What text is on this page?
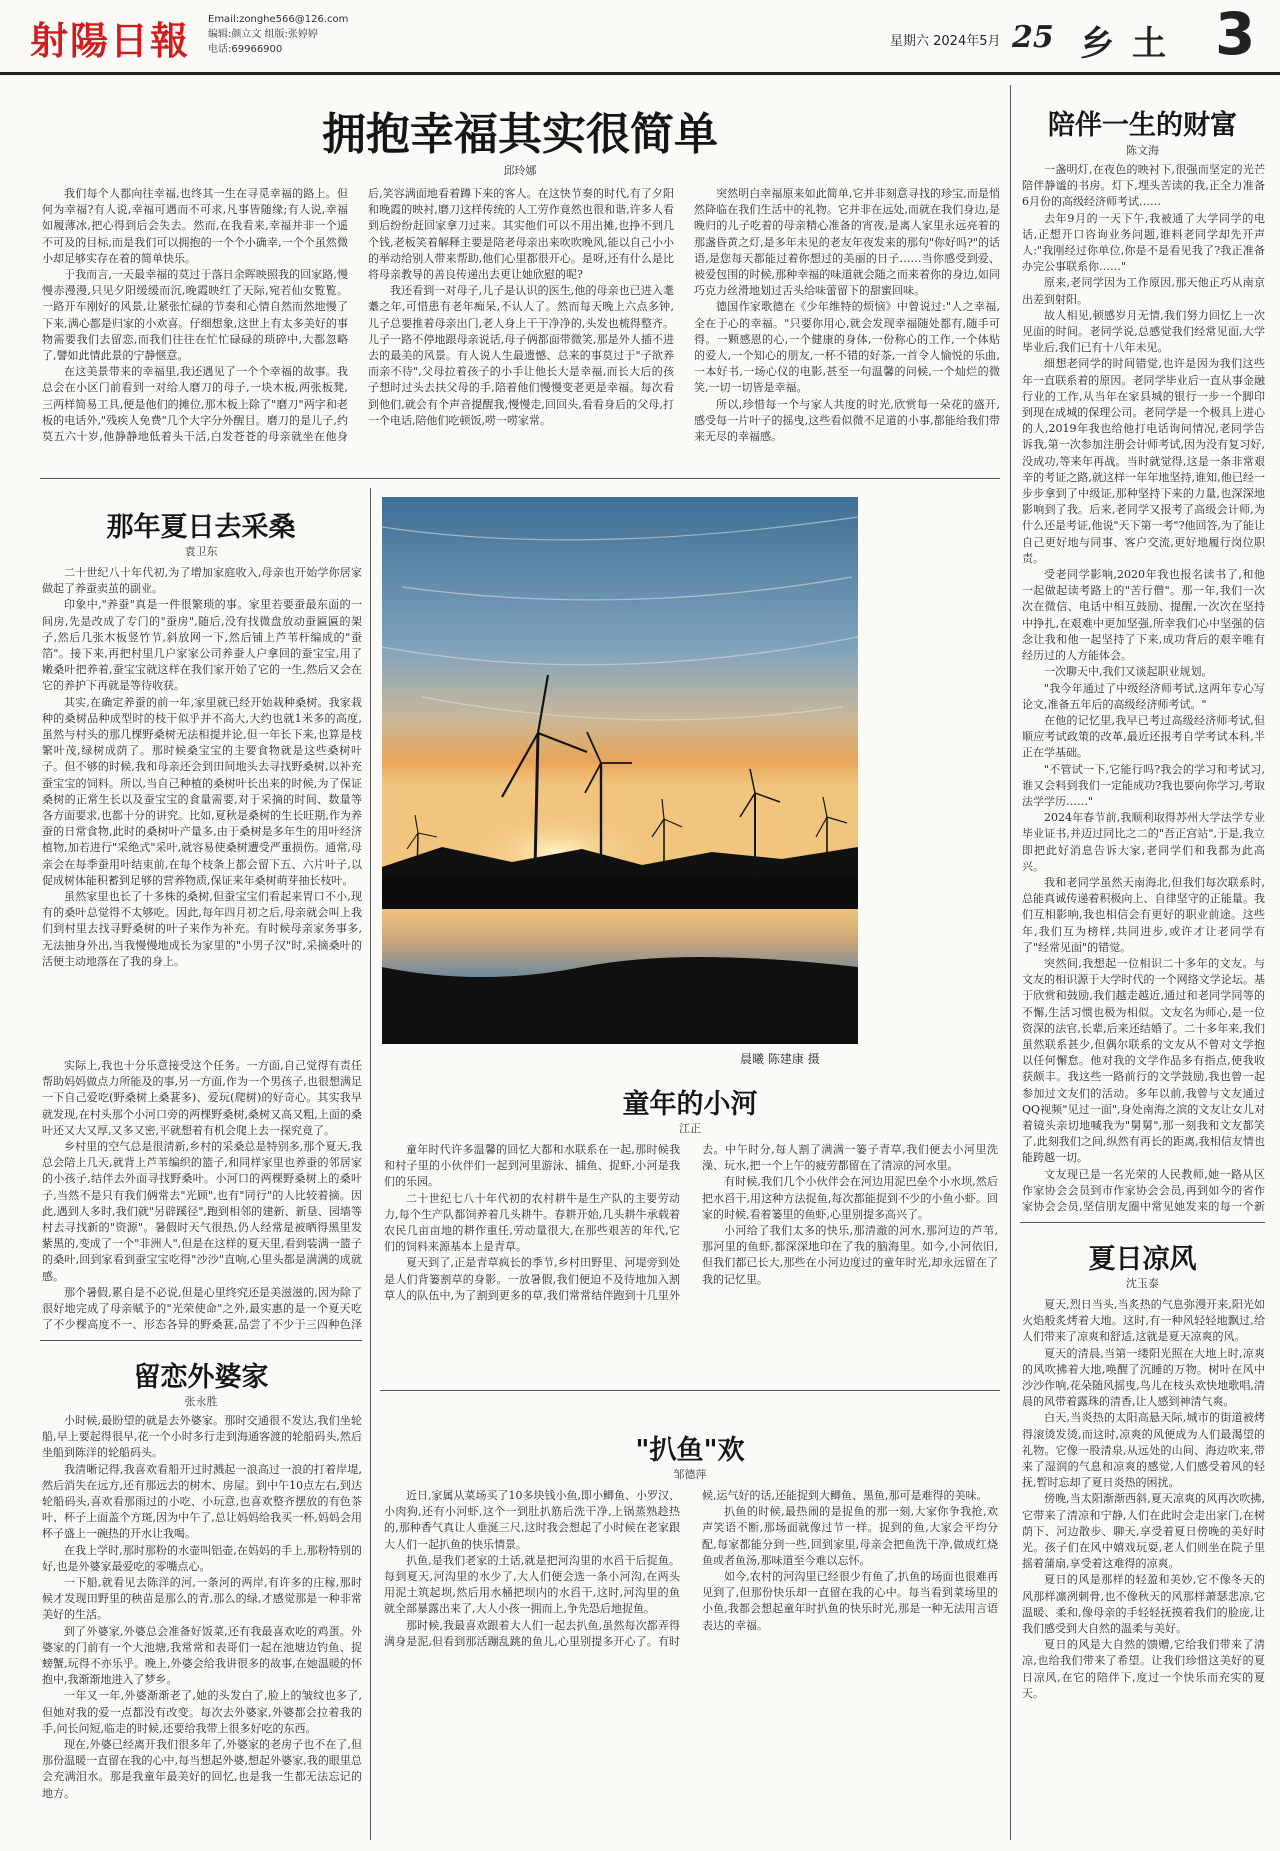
射陽日報 Email:zonghe566@126.com
编辑:颜立文 组版:张婷婷
电话:69966900
星期六 2024年5月 25 乡土 3
拥抱幸福其实很简单
邱玲娜

我们每个人都向往幸福,也终其一生在寻觅幸福的路上。但何为幸福?有人说,幸福可遇而不可求,凡事皆随缘;有人说,幸福如履薄冰,把心得到后会失去。然而,在我看来,幸福并非一个遥不可及的目标,而是我们可以拥抱的一个个小确幸,一个个虽然微小却足够实存在着的简单快乐。

于我而言,一天最幸福的莫过于落日余晖映照我的回家路,慢慢赤漫漫,只见夕阳缓缓而沉,晚霞映红了天际,宛若仙女覧覧。一路开车刚好的风景,让紧张忙碌的节奏和心情自然而然地慢了下来,满心都是归家的小欢喜。仔细想象,这世上有太多美好的事物需要我们去留恋,而我们往往在忙忙碌碌的琐碎中,大都忽略了,譬如此情此景的宁静惬意。

在这美景带来的幸福里,我还遇见了一个个幸福的故事。我总会在小区门前看到一对给人磨刀的母子,一块木板,两张板凳,三两样简易工具,便是他们的摊位,那木板上除了"磨刀"两字和老板的电话外,"残疾人免费"几个大字分外醒目。磨刀的是儿子,约莫五六十岁,他静静地低着头干活,白发苍苍的母亲就坐在他身后,笑容满面地看着蹲下来的客人。在这快节奏的时代,有了夕阳和晚霞的映衬,磨刀这样传统的人工劳作竟然也很和谐,许多人看到后纷纷赶回家拿刀过来。其实他们可以不用出摊,也挣不到几个钱,老板笑着解释主要是陪老母亲出来吹吹晚风,能以自己小小的举动给别人带来帮助,他们心里都很开心。是呀,还有什么是比将母亲教导的善良传递出去更让她欣慰的呢?

我还看到一对母子,儿子是认识的医生,他的母亲也已进入耄耋之年,可惜患有老年痴呆,不认人了。然而每天晚上六点多钟,儿子总要推着母亲出门,老人身上干干净净的,头发也梳得整齐。儿子一路不停地跟母亲说话,母子俩都面带微笑,那是外人插不进去的最美的风景。有人说人生最遗憾、总来的事莫过于"子欲养而亲不待",父母拉着孩子的小手让他长大是幸福,而长大后的孩子想时过头去扶父母的手,陪着他们慢慢变老更是幸福。每次看到他们,就会有个声音提醒我,慢慢走,回回头,看看身后的父母,打一个电话,陪他们吃顿饭,唠一唠家常。

突然明白幸福原来如此简单,它并非刻意寻找的珍宝,而是悄然降临在我们生活中的礼物。它并非在远处,而就在我们身边,是晚归的儿子吃着的母亲精心准备的宵夜,是离人家里永远亮着的那盏昏黄之灯,是多年未见的老友年夜发来的那句"你好吗?"的话语,是您每天都能过着你想过的美丽的日子……当你感受到爱、被爱包围的时候,那种幸福的味道就会随之而来着你的身边,如同巧克力丝滑地划过舌头给味蕾留下的甜蜜回味。

德国作家歌德在《少年维特的烦恼》中曾说过:"人之幸福,全在于心的幸福。"只要你用心,就会发现幸福随处都有,随手可得。一颗感恩的心,一个健康的身体,一份称心的工作,一个体贴的爱人,一个知心的朋友,一杯不错的好茶,一首令人愉悦的乐曲,一本好书,一场心仪的电影,甚至一句温馨的问候,一个灿烂的微笑,一切一切皆是幸福。

所以,珍惜每一个与家人共度的时光,欣赏每一朵花的盛开,感受每一片叶子的摇曳,这些看似微不足道的小事,都能给我们带来无尽的幸福感。

陪伴一生的财富
陈文海

一盏明灯,在夜色的映衬下,很强而坚定的光芒陪伴静谧的书房。灯下,埋头苦读的我,正全力准备6月份的高级经济师考试……

去年9月的一天下午,我被通了大学同学的电话,正想开口咨询业务问题,谁料老同学却先开声人:"我刚经过你单位,你是不是看见我了?我正准备办完公事联系你……"

原来,老同学因为工作原因,那天他正巧从南京出差到射阳。

故人相见,顿感岁月无情,我们努力回忆上一次见面的时间。老同学说,总感觉我们经常见面,大学毕业后,我们已有十八年未见。

细想老同学的时间错觉,也许是因为我们这些年一直联系着的原因。老同学毕业后一直从事金融行业的工作,从当年在家县城的银行一步一个脚印到现在成城的保理公司。老同学是一个极具上进心的人,2019年我也给他打电话询问情况,老同学告诉我,第一次参加注册会计师考试,因为没有复习好,没成功,等来年再战。当时就觉得,这是一条非常艰辛的考证之路,就这样一年年地坚持,谁知,他已经一步步拿到了中级证,那种坚持下来的力量,也深深地影响到了我。后来,老同学又报考了高级会计师,为什么还是考证,他说"天下第一考"?他回答,为了能让自己更好地与同事、客户交流,更好地履行岗位职责。

受老同学影响,2020年我也报名读书了,和他一起做起读考路上的"苦行僧"。那一年,我们一次次在微信、电话中相互鼓励、提醒,一次次在坚持中挣扎,在艰难中更加坚强,所幸我们心中坚强的信念让我和他一起坚持了下来,成功背后的艰辛唯有经历过的人方能体会。

一次聊天中,我们又谈起职业规划。

"我今年通过了中级经济师考试,这两年专心写论文,准备五年后的高级经济师考试。"

在他的记忆里,我早已考过高级经济师考试,但顺应考试政策的改革,最近还报考自学考试本科,半正在学基础。

"不管试一下,它能行吗?我会的学习和考试习,谁又会料到我们一定能成功?我也要向你学习,考取法学学历……"

2024年春节前,我顺利取得苏州大学法学专业毕业证书,并迈过同比之二的"吾正宫站",于是,我立即把此好消息告诉大家,老同学们和我都为此高兴。

我和老同学虽然天南海北,但我们每次联系时,总能真诚传递着积极向上、自律坚守的正能量。我们互相影响,我也相信会有更好的职业前途。这些年,我们互为榜样,共同进步,或许才让老同学有了"经常见面"的错觉。

突然间,我想起一位相识二十多年的文友。与文友的相识源于大学时代的一个网络文学论坛。基于欣赏和鼓励,我们越走越近,通过和老同学同等的不懈,生活习惯也极为相似。文友名为师心,是一位资深的法官,长辈,后来还结婚了。二十多年来,我们虽然联系甚少,但偶尔联系的文友从不曾对文学抱以任何懈怠。他对我的文学作品多有指点,使我收获颇丰。我这些一路前行的文学鼓励,我也曾一起参加过文友们的活动。多年以前,我曾与文友通过QQ视频"见过一面",身处南海之滨的文友让女儿对着镜头亲切地喊我为"舅舅",那一刻我和文友都笑了,此刻我们之间,纵然有再长的距离,我相信友情也能跨越一切。

文友现已是一名光荣的人民教师,她一路从区作家协会会员到市作家协会会员,再到如今的省作家协会会员,坚信朋友圈中常见她发来的每一个新

那年夏日去采桑
袁卫东

二十世纪八十年代初,为了增加家庭收入,母亲也开始学你居家做起了养蚕卖茧的副业。

印象中,"养蚕"真是一件很繁琐的事。家里若要蚕最东面的一间房,先是改成了专门的"蚕房",随后,没有找微盘放动蚕匾匾的架子,然后几张木板竖竹节,斜放网一下,然后铺上芦苇杆编成的"蚕箔"。接下来,再把村里几户家家公司养蚕人户拿回的蚕宝宝,用了嫩桑叶把养着,蚕宝宝就这样在我们家开始了它的一生,然后又会在它的养护下再就是等待收获。

其实,在确定养蚕的前一年,家里就已经开始栽种桑树。我家栽种的桑树品种成型时的枝干似乎并不高大,大约也就1米多的高度,虽然与村头的那几棵野桑树无法相提并论,但一年长下来,也算是枝繁叶茂,绿树成荫了。那时候桑宝宝的主要食物就是这些桑树叶子。但不够的时候,我和母亲还会到田间地头去寻找野桑树,以补充蚕宝宝的饲料。所以,当自己种植的桑树叶长出来的时候,为了保证桑树的正常生长以及蚕宝宝的食量需要,对于采摘的时间、数量等各方面要求,也都十分的讲究。比如,夏秋是桑树的生长旺期,作为养蚕的日常食物,此时的桑树叶产量多,由于桑树是多年生的用叶经济植物,加若进行"采绝式"采叶,就容易使桑树遭受严重损伤。通常,母亲会在每季蚕用叶结束前,在每个枝条上都会留下五、六片叶子,以促成树体能积蓄到足够的营养物质,保证来年桑树萌芽抽长枝叶。

虽然家里也长了十多株的桑树,但蚕宝宝们看起来胃口不小,现有的桑叶总觉得不太够吃。因此,每年四月初之后,母亲就会叫上我们到村里去找寻野桑树的叶子来作为补充。有时候母亲家务事多,无法抽身外出,当我慢慢地成长为家里的"小男子汉"时,采摘桑叶的活便主动地落在了我的身上。

实际上,我也十分乐意接受这个任务。一方面,自己觉得有责任帮助妈妈做点力所能及的事,另一方面,作为一个男孩子,也很想满足一下自己爱吃(野桑树上桑葚多)、爱玩(爬树)的好奇心。其实我早就发现,在村头那个小河口旁的两棵野桑树,桑树又高又粗,上面的桑叶还又大又厚,又多又密,平就想着有机会爬上去一探究竟了。

乡村里的空气总是很清新,乡村的采桑总是特别多,那个夏天,我总会陪上几天,就背上芦苇编织的篮子,和同样家里也养蚕的邻居家的小孩子,结伴去外面寻找野桑叶。小河口的两棵野桑树上的桑叶子,当然不是只有我们俩常去"光顾",也有"同行"的人比较着摘。因此,遇到人多时,我们就"另辟蹊径",跑到相邻的建新、新垦、园墙等村去寻找新的"资源"。暑假时天气很热,仍人经常是被晒得黑里发紫黑的,变成了一个"非洲人",但是在这样的夏天里,看到装满一篮子的桑叶,回到家看到蚕宝宝吃得"沙沙"直响,心里头都是满满的成就感。

那个暑假,累自是不必说,但是心里终究还是美滋滋的,因为除了很好地完成了母亲赋予的"光荣使命"之外,最实惠的是一个夏天吃了不少棵高度不一、形态各异的野桑葚,品尝了不少于三四种色泽

留恋外婆家
张永胜

小时候,最盼望的就是去外婆家。那时交通很不发达,我们坐轮船,早上要起得很早,花一个小时多行走到海通客渡的轮船码头,然后坐船到陈洋的轮船码头。

我清晰记得,我喜欢看船开过时溅起一浪高过一浪的打着岸堤,然后消失在远方,还有那远去的树木、房屋。到中午10点左右,到达轮船码头,喜欢看那雨过的小吃、小玩意,也喜欢整齐摆放的有色茶叶、杯子上面盖个方斑,因为中午了,总让妈妈给我买一杯,妈妈会用杯子盛上一碗热的开水让我喝。

在我上学时,那时那粉的水壶叫铝壶,在妈妈的手上,那粉特别的好,也是外婆家最爱吃的零嘴点心。

一下船,就看见去陈洋的河,一条河的两岸,有许多的庄稼,那时候才发现田野里的秧苗是那么的青,那么的绿,才感觉那是一种非常美好的生活。

到了外婆家,外婆总会准备好饭菜,还有我最喜欢吃的鸡蛋。外婆家的门前有一个大池塘,我常常和表哥们一起在池塘边钓鱼、捉螃蟹,玩得不亦乐乎。晚上,外婆会给我讲很多的故事,在她温暖的怀抱中,我渐渐地进入了梦乡。

一年又一年,外婆渐渐老了,她的头发白了,脸上的皱纹也多了,但她对我的爱一点都没有改变。每次去外婆家,外婆都会拉着我的手,问长问短,临走的时候,还要给我带上很多好吃的东西。

现在,外婆已经离开我们很多年了,外婆家的老房子也不在了,但那份温暖一直留在我的心中,每当想起外婆,想起外婆家,我的眼里总会充满泪水。那是我童年最美好的回忆,也是我一生都无法忘记的地方。

晨曦 陈建康 摄
童年的小河
江正

童年时代许多温馨的回忆大都和水联系在一起,那时候我和村子里的小伙伴们一起到河里游泳、捕鱼、捉虾,小河是我们的乐园。

二十世纪七八十年代初的农村耕牛是生产队的主要劳动力,每个生产队都饲养着几头耕牛。春耕开始,几头耕牛承载着农民几亩亩地的耕作重任,劳动量很大,在那些艰苦的年代,它们的饲料来源基本上是青草。

夏天到了,正是青草疯长的季节,乡村田野里、河堤旁到处是人们背篓割草的身影。一放暑假,我们便迫不及待地加入割草人的队伍中,为了割到更多的草,我们常常结伴跑到十几里外去。中午时分,每人割了满满一篓子青草,我们便去小河里洗澡、玩水,把一个上午的疲劳都留在了清凉的河水里。

有时候,我们几个小伙伴会在河边用泥巴垒个小水坝,然后把水舀干,用这种方法捉鱼,每次都能捉到不少的小鱼小虾。回家的时候,看着篓里的鱼虾,心里别提多高兴了。

小河给了我们太多的快乐,那清澈的河水,那河边的芦苇,那河里的鱼虾,都深深地印在了我的脑海里。如今,小河依旧,但我们都已长大,那些在小河边度过的童年时光,却永远留在了我的记忆里。

"扒鱼"欢
邹德萍

近日,家属从菜场买了10多块钱小鱼,即小鲫鱼、小罗汉、小肉狗,还有小河虾,这个一到肚扒筋后洗干净,上锅蒸熟趁热的,那种香气真让人垂涎三尺,这时我会想起了小时候在老家跟大人们一起扒鱼的快乐情景。

扒鱼,是我们老家的土话,就是把河沟里的水舀干后捉鱼。每到夏天,河沟里的水少了,大人们便会选一条小河沟,在两头用泥土筑起坝,然后用水桶把坝内的水舀干,这时,河沟里的鱼就全部暴露出来了,大人小孩一拥而上,争先恐后地捉鱼。

那时候,我最喜欢跟着大人们一起去扒鱼,虽然每次都弄得满身是泥,但看到那活蹦乱跳的鱼儿,心里别提多开心了。有时候,运气好的话,还能捉到大鲫鱼、黑鱼,那可是难得的美味。

扒鱼的时候,最热闹的是捉鱼的那一刻,大家你争我抢,欢声笑语不断,那场面就像过节一样。捉到的鱼,大家会平均分配,每家都能分到一些,回到家里,母亲会把鱼洗干净,做成红烧鱼或者鱼汤,那味道至今难以忘怀。

如今,农村的河沟里已经很少有鱼了,扒鱼的场面也很难再见到了,但那份快乐却一直留在我的心中。每当看到菜场里的小鱼,我都会想起童年时扒鱼的快乐时光,那是一种无法用言语表达的幸福。

夏日凉风
沈玉泰

夏天,烈日当头,当炙热的气息弥漫开来,阳光如火焰般炙烤着大地。这时,有一种风轻轻地飘过,给人们带来了凉爽和舒适,这就是夏天凉爽的风。

夏天的清晨,当第一缕阳光照在大地上时,凉爽的风吹拂着大地,唤醒了沉睡的万物。树叶在风中沙沙作响,花朵随风摇曳,鸟儿在枝头欢快地歌唱,清晨的风带着露珠的清香,让人感到神清气爽。

白天,当炎热的太阳高悬天际,城市的街道被烤得滚烫发烫,而这时,凉爽的风便成为人们最渴望的礼物。它像一股清泉,从远处的山间、海边吹来,带来了湿润的气息和凉爽的感觉,人们感受着风的轻抚,暂时忘却了夏日炎热的困扰。

傍晚,当太阳渐渐西斜,夏天凉爽的风再次吹拂,它带来了清凉和宁静,人们在此时会走出家门,在树荫下、河边散步、聊天,享受着夏日傍晚的美好时光。孩子们在风中嬉戏玩耍,老人们则坐在院子里摇着蒲扇,享受着这难得的凉爽。

夏日的风是那样的轻盈和美妙,它不像冬天的风那样凛冽刺骨,也不像秋天的风那样萧瑟悲凉,它温暖、柔和,像母亲的手轻轻抚摸着我们的脸庞,让我们感受到大自然的温柔与美好。

夏日的风是大自然的馈赠,它给我们带来了清凉,也给我们带来了希望。让我们珍惜这美好的夏日凉风,在它的陪伴下,度过一个快乐而充实的夏天。
